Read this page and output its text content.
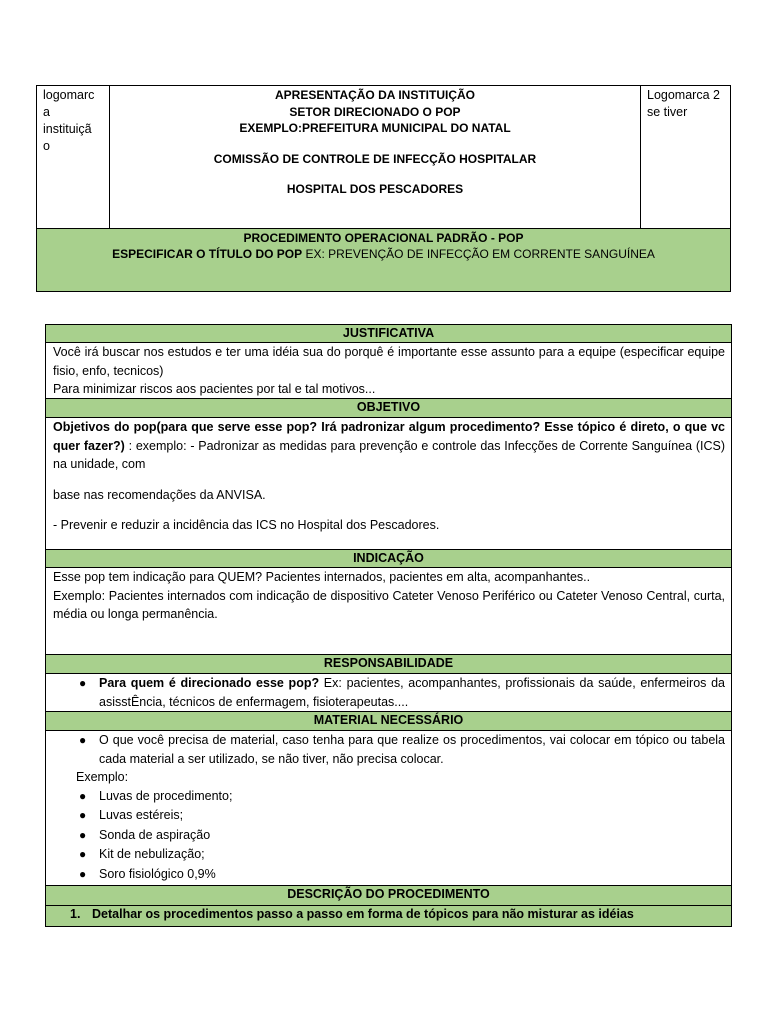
logomarc
a
instituiçã
o
APRESENTAÇÃO DA INSTITUIÇÃO
SETOR DIRECIONADO O POP
EXEMPLO:PREFEITURA MUNICIPAL DO NATAL
COMISSÃO DE CONTROLE DE INFECÇÃO HOSPITALAR
HOSPITAL DOS PESCADORES
Logomarca 2
se tiver
PROCEDIMENTO OPERACIONAL PADRÃO - POP
ESPECIFICAR O TÍTULO DO POP EX: PREVENÇÃO DE INFECÇÃO EM CORRENTE SANGUÍNEA
JUSTIFICATIVA

Você irá buscar nos estudos e ter uma idéia sua do porquê é importante esse assunto para a equipe (especificar equipe fisio, enfo, tecnicos)

Para minimizar riscos aos pacientes por tal e tal motivos...

OBJETIVO

Objetivos do pop(para que serve esse pop? Irá padronizar algum procedimento? Esse tópico é direto, o que vc quer fazer?) : exemplo: - Padronizar as medidas para prevenção e controle das Infecções de Corrente Sanguínea (ICS) na unidade, com

base nas recomendações da ANVISA.

- Prevenir e reduzir a incidência das ICS no Hospital dos Pescadores.

INDICAÇÃO

Esse pop tem indicação para QUEM? Pacientes internados, pacientes em alta, acompanhantes..

Exemplo: Pacientes internados com indicação de dispositivo Cateter Venoso Periférico ou Cateter Venoso Central, curta, média ou longa permanência.

RESPONSABILIDADE
● Para quem é direcionado esse pop? Ex: pacientes, acompanhantes, profissionais da saúde, enfermeiros da asisstÊncia, técnicos de enfermagem, fisioterapeutas....
MATERIAL NECESSÁRIO
● O que você precisa de material, caso tenha para que realize os procedimentos, vai colocar em tópico ou tabela cada material a ser utilizado, se não tiver, não precisa colocar.
Exemplo:
● Luvas de procedimento;
● Luvas estéreis;
● Sonda de aspiração
● Kit de nebulização;
● Soro fisiológico 0,9%
DESCRIÇÃO DO PROCEDIMENTO
1. Detalhar os procedimentos passo a passo em forma de tópicos para não misturar as idéias
